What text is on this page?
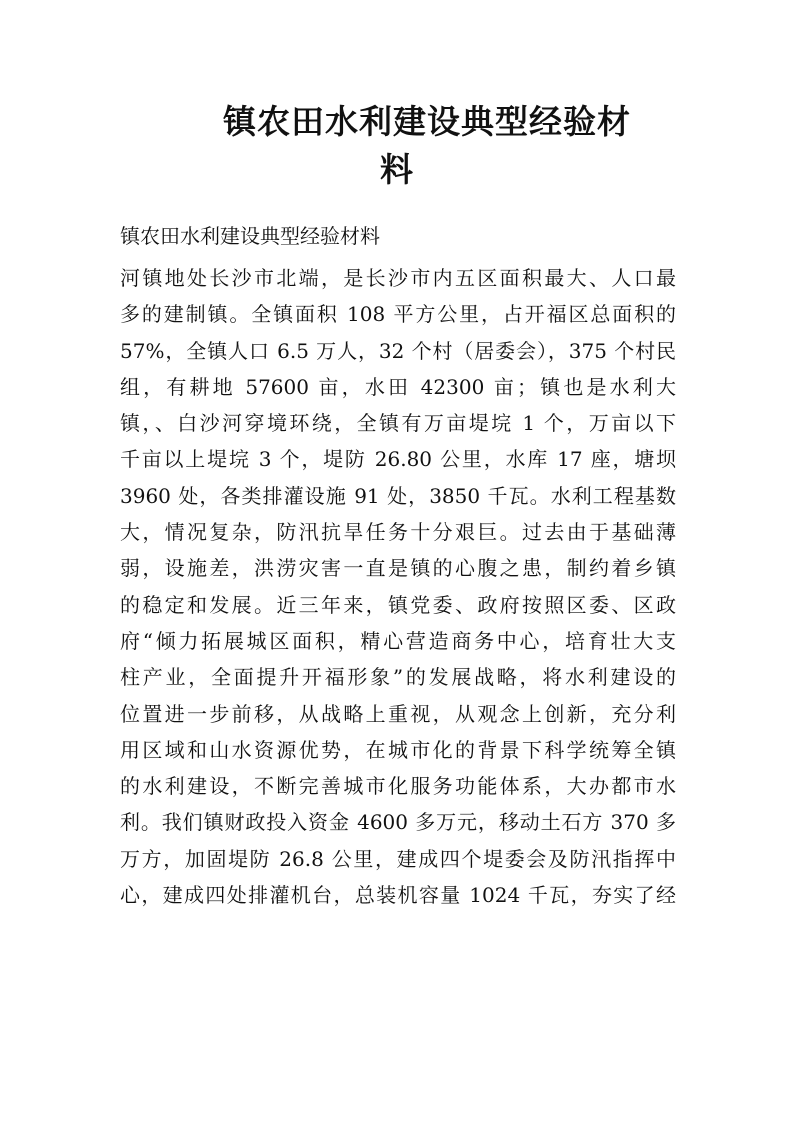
镇农田水利建设典型经验材
料
镇农田水利建设典型经验材料
河镇地处长沙市北端，是长沙市内五区面积最大、人口最
多的建制镇。全镇面积 108 平方公里，占开福区总面积的
57%，全镇人口 6.5 万人，32 个村（居委会），375 个村民
组，有耕地 57600 亩，水田 42300 亩；镇也是水利大
镇，、白沙河穿境环绕，全镇有万亩堤垸 1 个，万亩以下
千亩以上堤垸 3 个，堤防 26.80 公里，水库 17 座，塘坝
3960 处，各类排灌设施 91 处，3850 千瓦。水利工程基数
大，情况复杂，防汛抗旱任务十分艰巨。过去由于基础薄
弱，设施差，洪涝灾害一直是镇的心腹之患，制约着乡镇
的稳定和发展。近三年来，镇党委、政府按照区委、区政
府“倾力拓展城区面积，精心营造商务中心，培育壮大支
柱产业，全面提升开福形象”的发展战略，将水利建设的
位置进一步前移，从战略上重视，从观念上创新，充分利
用区域和山水资源优势，在城市化的背景下科学统筹全镇
的水利建设，不断完善城市化服务功能体系，大办都市水
利。我们镇财政投入资金 4600 多万元，移动土石方 370 多
万方，加固堤防 26.8 公里，建成四个堤委会及防汛指挥中
心，建成四处排灌机台，总装机容量 1024 千瓦，夯实了经
